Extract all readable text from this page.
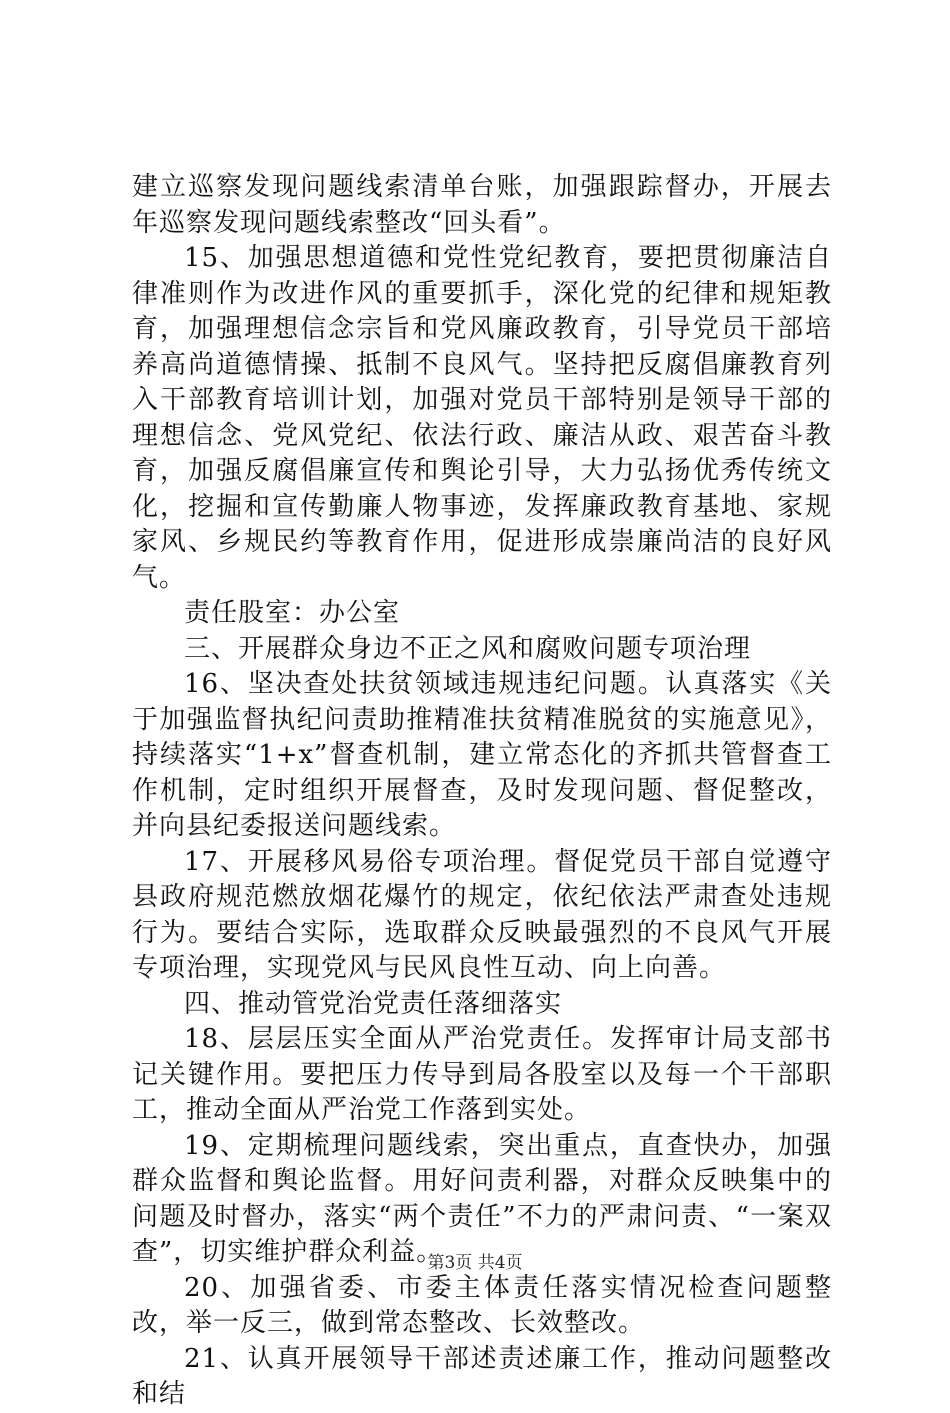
建立巡察发现问题线索清单台账，加强跟踪督办，开展去年巡察发现问题线索整改“回头看”。

15、加强思想道德和党性党纪教育，要把贯彻廉洁自律准则作为改进作风的重要抓手，深化党的纪律和规矩教育，加强理想信念宗旨和党风廉政教育，引导党员干部培养高尚道德情操、抵制不良风气。坚持把反腐倡廉教育列入干部教育培训计划，加强对党员干部特别是领导干部的理想信念、党风党纪、依法行政、廉洁从政、艰苦奋斗教育，加强反腐倡廉宣传和舆论引导，大力弘扬优秀传统文化，挖掘和宣传勤廉人物事迹，发挥廉政教育基地、家规家风、乡规民约等教育作用，促进形成崇廉尚洁的良好风气。

责任股室：办公室

三、开展群众身边不正之风和腐败问题专项治理

16、坚决查处扶贫领域违规违纪问题。认真落实《关于加强监督执纪问责助推精准扶贫精准脱贫的实施意见》，持续落实“1+x”督查机制，建立常态化的齐抓共管督查工作机制，定时组织开展督查，及时发现问题、督促整改，并向县纪委报送问题线索。

17、开展移风易俗专项治理。督促党员干部自觉遵守县政府规范燃放烟花爆竹的规定，依纪依法严肃查处违规行为。要结合实际，选取群众反映最强烈的不良风气开展专项治理，实现党风与民风良性互动、向上向善。

四、推动管党治党责任落细落实

18、层层压实全面从严治党责任。发挥审计局支部书记关键作用。要把压力传导到局各股室以及每一个干部职工，推动全面从严治党工作落到实处。

19、定期梳理问题线索，突出重点，直查快办，加强群众监督和舆论监督。用好问责利器，对群众反映集中的问题及时督办，落实“两个责任”不力的严肃问责、“一案双查”，切实维护群众利益。

20、加强省委、市委主体责任落实情况检查问题整改，举一反三，做到常态整改、长效整改。

21、认真开展领导干部述责述廉工作，推动问题整改和结

第3页 共4页
